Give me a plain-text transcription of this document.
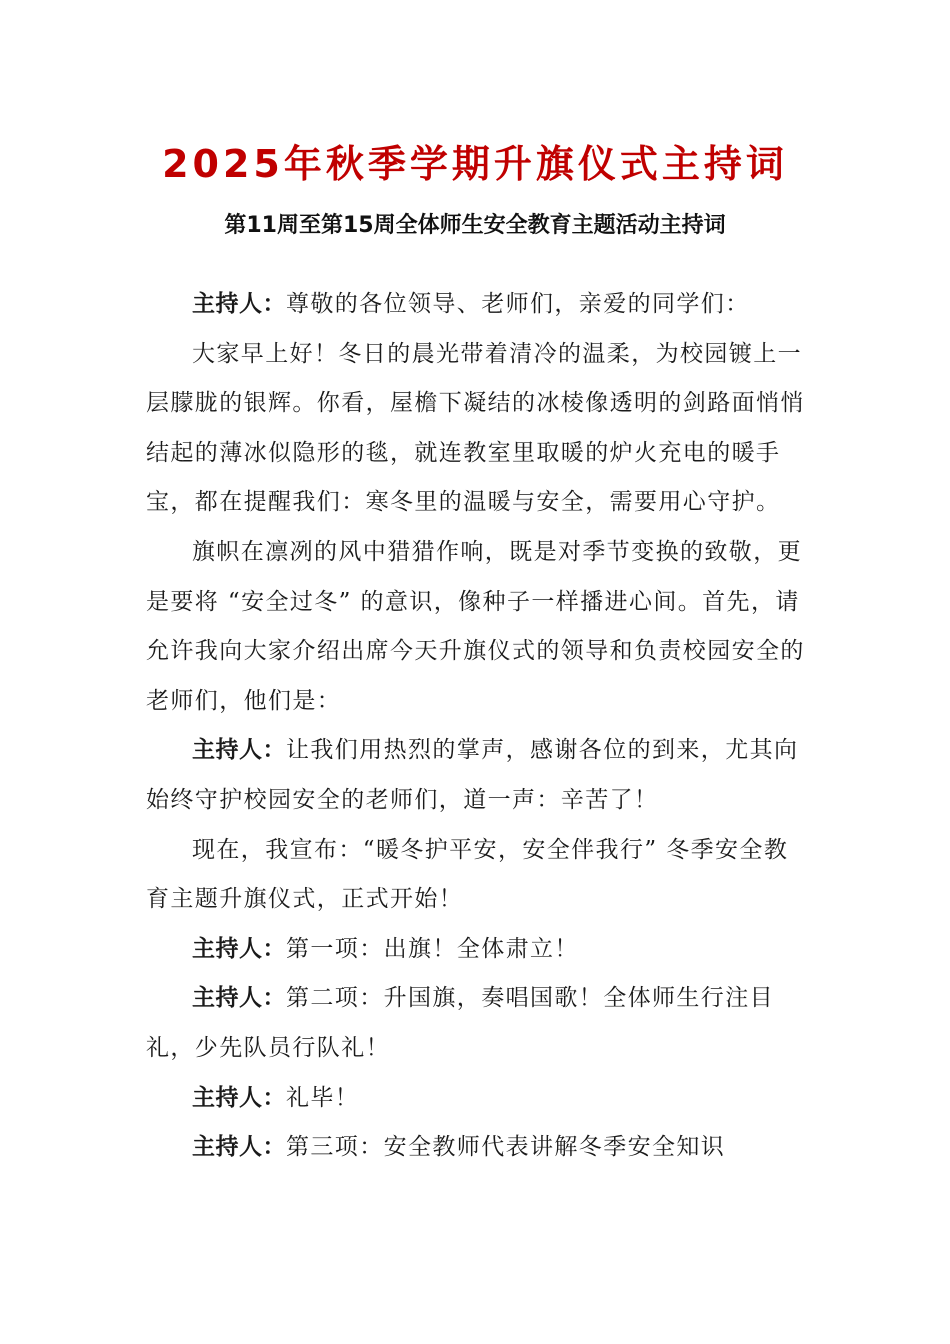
2025年秋季学期升旗仪式主持词
第11周至第15周全体师生安全教育主题活动主持词

主持人：尊敬的各位领导、老师们，亲爱的同学们：

大家早上好！冬日的晨光带着清冷的温柔，为校园镀上一层朦胧的银辉。你看，屋檐下凝结的冰棱像透明的剑路面悄悄结起的薄冰似隐形的毯，就连教室里取暖的炉火充电的暖手宝，都在提醒我们：寒冬里的温暖与安全，需要用心守护。

旗帜在凛冽的风中猎猎作响，既是对季节变换的致敬，更是要将 “安全过冬” 的意识，像种子一样播进心间。首先，请允许我向大家介绍出席今天升旗仪式的领导和负责校园安全的老师们，他们是：

主持人：让我们用热烈的掌声，感谢各位的到来，尤其向始终守护校园安全的老师们，道一声：辛苦了！

现在，我宣布：“暖冬护平安，安全伴我行” 冬季安全教育主题升旗仪式，正式开始！

主持人：第一项：出旗！全体肃立！

主持人：第二项：升国旗，奏唱国歌！全体师生行注目礼，少先队员行队礼！

主持人：礼毕！

主持人：第三项：安全教师代表讲解冬季安全知识
